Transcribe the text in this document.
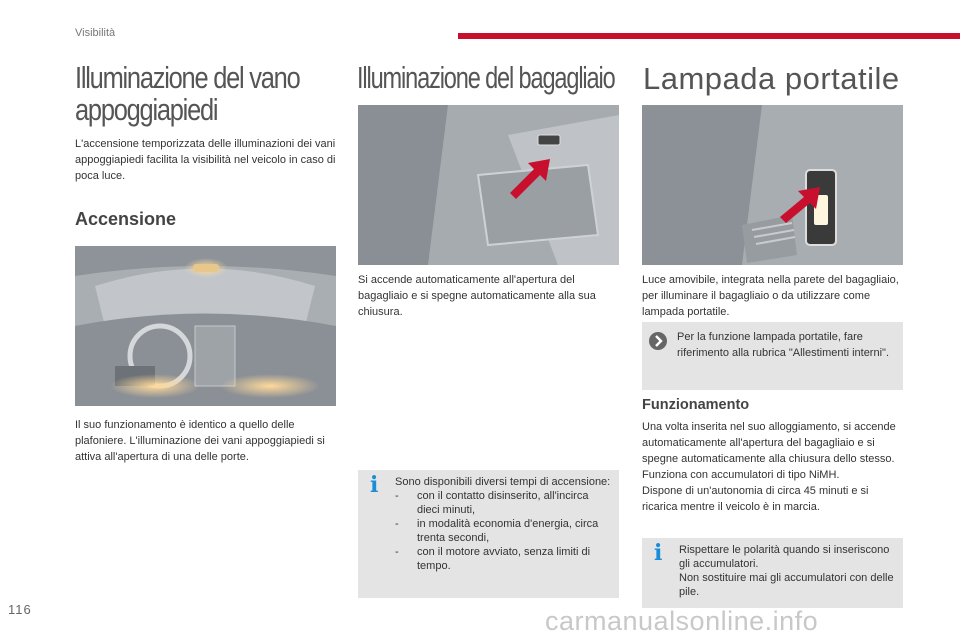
Visibilità
Illuminazione del vano appoggiapiedi
L'accensione temporizzata delle illuminazioni dei vani appoggiapiedi facilita la visibilità nel veicolo in caso di poca luce.
Accensione
Il suo funzionamento è identico a quello delle plafoniere. L'illuminazione dei vani appoggiapiedi si attiva all'apertura di una delle porte.
Illuminazione del bagagliaio
Si accende automaticamente all'apertura del bagagliaio e si spegne automaticamente alla sua chiusura.
i Sono disponibili diversi tempi di accensione:
-	con il contatto disinserito, all'incirca dieci minuti,
-	in modalità economia d'energia, circa trenta secondi,
-	con il motore avviato, senza limiti di tempo.
Lampada portatile
Luce amovibile, integrata nella parete del bagagliaio, per illuminare il bagagliaio o da utilizzare come lampada portatile.
Per la funzione lampada portatile, fare riferimento alla rubrica "Allestimenti interni".
Funzionamento
Una volta inserita nel suo alloggiamento, si accende automaticamente all'apertura del bagagliaio e si spegne automaticamente alla chiusura dello stesso.
Funziona con accumulatori di tipo NiMH.
Dispone di un'autonomia di circa 45 minuti e si ricarica mentre il veicolo è in marcia.
i Rispettare le polarità quando si inseriscono gli accumulatori.
Non sostituire mai gli accumulatori con delle pile.
116	carmanualsonline.info
